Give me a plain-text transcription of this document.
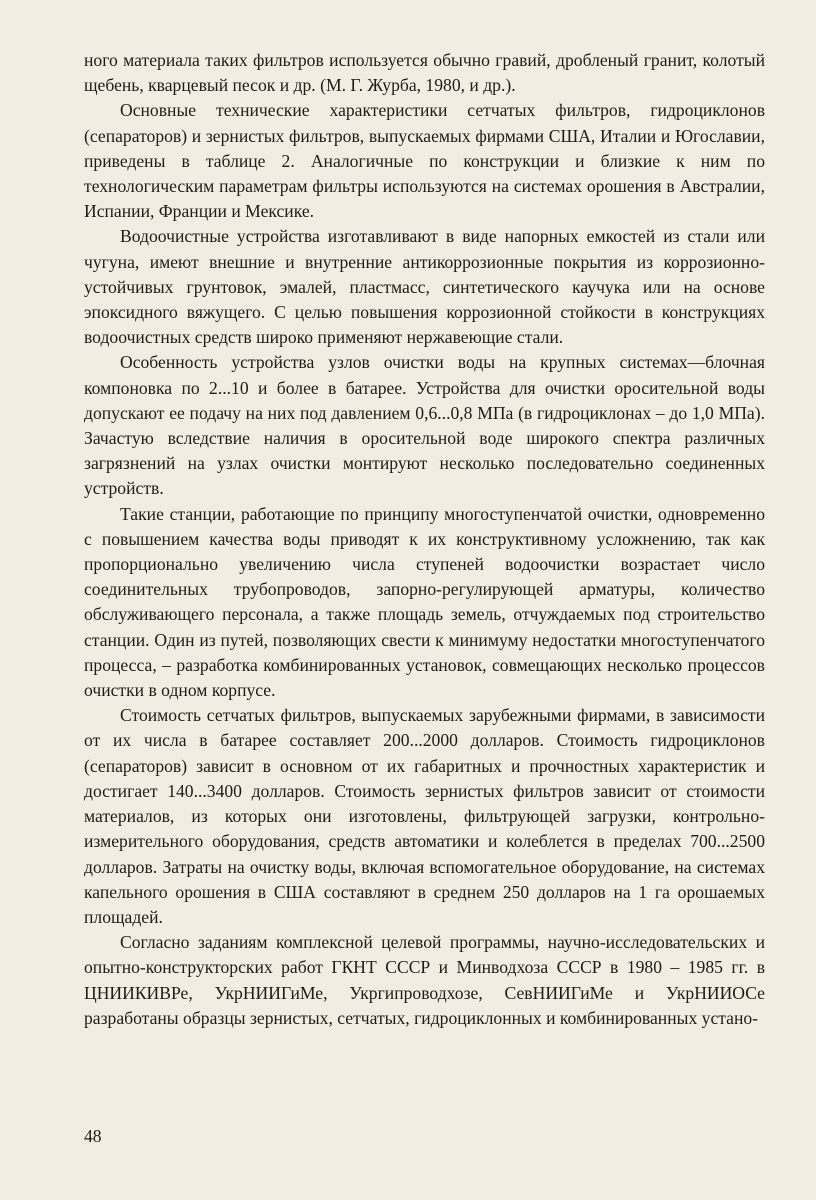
ного материала таких фильтров используется обычно гравий, дробленый гранит, колотый щебень, кварцевый песок и др. (М. Г. Журба, 1980, и др.).

Основные технические характеристики сетчатых фильтров, гидроциклонов (сепараторов) и зернистых фильтров, выпускаемых фирмами США, Италии и Югославии, приведены в таблице 2. Аналогичные по конструкции и близкие к ним по технологическим параметрам фильтры используются на системах орошения в Австралии, Испании, Франции и Мексике.

Водоочистные устройства изготавливают в виде напорных емкостей из стали или чугуна, имеют внешние и внутренние антикоррозионные покрытия из коррозионно-устойчивых грунтовок, эмалей, пластмасс, синтетического каучука или на основе эпоксидного вяжущего. С целью повышения коррозионной стойкости в конструкциях водоочистных средств широко применяют нержавеющие стали.

Особенность устройства узлов очистки воды на крупных системах—блочная компоновка по 2...10 и более в батарее. Устройства для очистки оросительной воды допускают ее подачу на них под давлением 0,6...0,8 МПа (в гидроциклонах – до 1,0 МПа). Зачастую вследствие наличия в оросительной воде широкого спектра различных загрязнений на узлах очистки монтируют несколько последовательно соединенных устройств.

Такие станции, работающие по принципу многоступенчатой очистки, одновременно с повышением качества воды приводят к их конструктивному усложнению, так как пропорционально увеличению числа ступеней водоочистки возрастает число соединительных трубопроводов, запорно-регулирующей арматуры, количество обслуживающего персонала, а также площадь земель, отчуждаемых под строительство станции. Один из путей, позволяющих свести к минимуму недостатки многоступенчатого процесса, – разработка комбинированных установок, совмещающих несколько процессов очистки в одном корпусе.

Стоимость сетчатых фильтров, выпускаемых зарубежными фирмами, в зависимости от их числа в батарее составляет 200...2000 долларов. Стоимость гидроциклонов (сепараторов) зависит в основном от их габаритных и прочностных характеристик и достигает 140...3400 долларов. Стоимость зернистых фильтров зависит от стоимости материалов, из которых они изготовлены, фильтрующей загрузки, контрольно-измерительного оборудования, средств автоматики и колеблется в пределах 700...2500 долларов. Затраты на очистку воды, включая вспомогательное оборудование, на системах капельного орошения в США составляют в среднем 250 долларов на 1 га орошаемых площадей.

Согласно заданиям комплексной целевой программы, научно-исследовательских и опытно-конструкторских работ ГКНТ СССР и Минводхоза СССР в 1980 – 1985 гг. в ЦНИИКИВРе, УкрНИИГиМе, Укргипроводхозе, СевНИИГиМе и УкрНИИОСе разработаны образцы зернистых, сетчатых, гидроциклонных и комбинированных устано-

48
